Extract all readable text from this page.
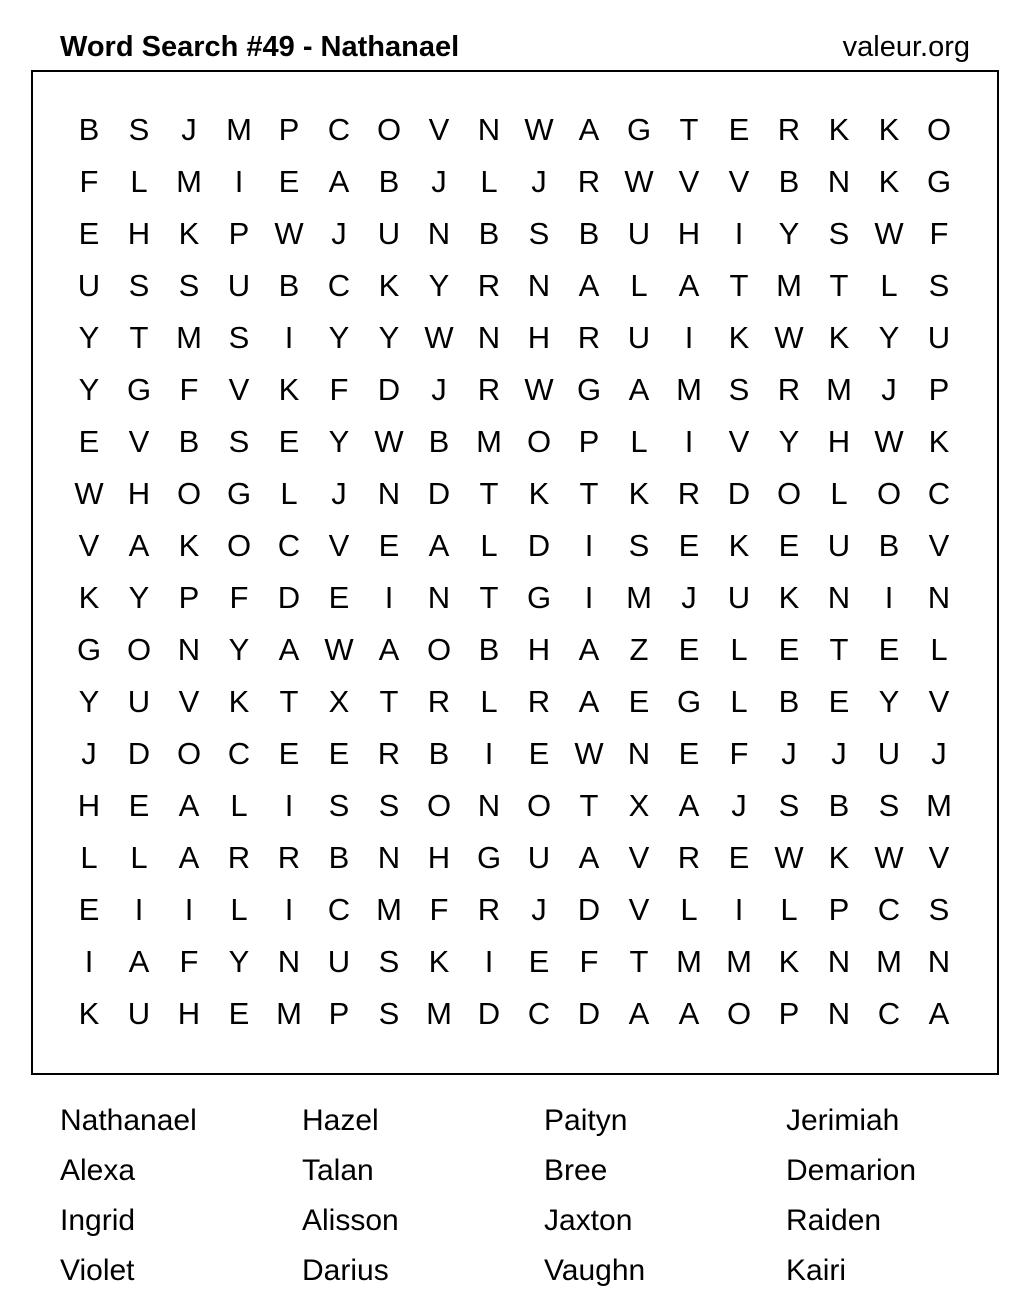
Word Search #49 - Nathanael	valeur.org
B S	J M P C O V N W A G T E R K K O
F	L M	I	E A B	J	L	J	R W V V B N K G
E H K P W J	U N B S B U H	I	Y S W F
U S S U B C K Y R N A	L	A T M T	L	S
Y T M S	I	Y Y W N H R U	I	K W K Y U
Y G F V K F D	J	R W G A M S R M J	P
E V B S E Y W B M O P	L	I	V Y H W K
W H O G L	J	N D T K T K R D O L O C
V A K O C V E A	L D	I	S E K E U B V
K Y P F D E	I	N T G	I	M J	U K N	I	N
G O N Y A W A O B H A Z E	L	E T E	L
Y U V K T X T R L R A E G L	B E Y V
J	D O C E E R B	I	E W N E F	J	J	U	J
H E A	L	I	S S O N O T X A	J	S B S M
L	L	A R R B N H G U A V R E W K W V
E	I	I	L	I	C M F R	J	D V	L	I	L	P C S
I	A F Y N U S K	I	E F	T M M K N M N
K U H E M P S M D C D A A O P N C A
Nathanael	Hazel	Paityn	Jerimiah
Alexa	Talan	Bree	Demarion
Ingrid	Alisson	Jaxton	Raiden
Violet	Darius	Vaughn	Kairi
